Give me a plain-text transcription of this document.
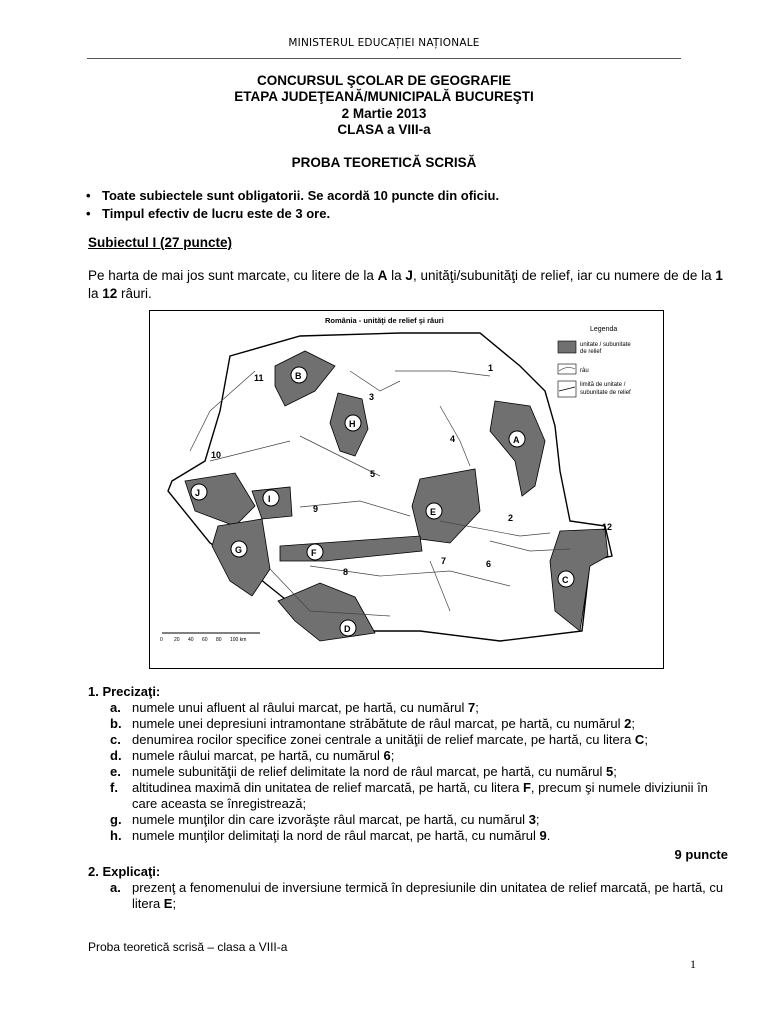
MINISTERUL EDUCAȚIEI NAȚIONALE
CONCURSUL ŞCOLAR DE GEOGRAFIE
ETAPA JUDEŢEANĂ/MUNICIPALĂ BUCUREŞTI
2 Martie 2013
CLASA a VIII-a
PROBA TEORETICĂ SCRISĂ
• Toate subiectele sunt obligatorii. Se acordă 10 puncte din oficiu.
• Timpul efectiv de lucru este de 3 ore.
Subiectul I (27 puncte)
Pe harta de mai jos sunt marcate, cu litere de la A la J, unităţi/subunităţi de relief, iar cu numere de de la 1 la 12 râuri.
România - unităţi de relief şi râuri
B
H
A
E
J
I
G	F
D
C
1
2
3
4
5
6
7
8
9
10
11
12
Legenda
unitate / subunitate
de relief
râu
limită de unitate /
subunitate de relief
0 20 40 60 80 100 km
1. Precizaţi:
a. numele unui afluent al râului marcat, pe hartă, cu numărul 7;
b. numele unei depresiuni intramontane străbătute de râul marcat, pe hartă, cu numărul 2;
c. denumirea rocilor specifice zonei centrale a unităţii de relief marcate, pe hartă, cu litera C;
d. numele râului marcat, pe hartă, cu numărul 6;
e. numele subunităţii de relief delimitate la nord de râul marcat, pe hartă, cu numărul 5;
f. altitudinea maximă din unitatea de relief marcată, pe hartă, cu litera F, precum şi numele diviziunii în care aceasta se înregistrează;
g. numele munţilor din care izvorăşte râul marcat, pe hartă, cu numărul 3;
h. numele munţilor delimitaţi la nord de râul marcat, pe hartă, cu numărul 9.
9 puncte
2. Explicaţi:
a. prezenţ a fenomenului de inversiune termică în depresiunile din unitatea de relief marcată, pe hartă, cu litera E;
Proba teoretică scrisă – clasa a VIII-a
1
